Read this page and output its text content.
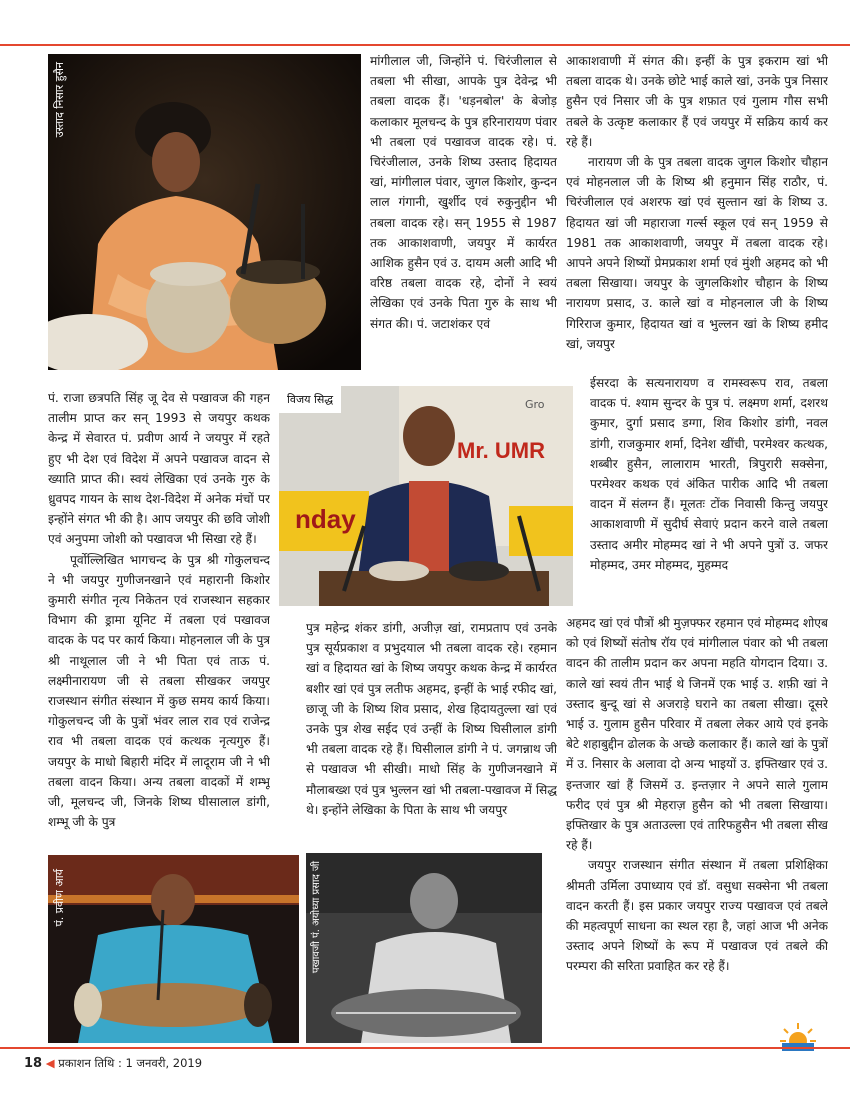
उस्ताद निसार हुसैन

मांगीलाल जी, जिन्होंने पं. चिरंजीलाल से तबला भी सीखा, आपके पुत्र देवेन्द्र भी तबला वादक हैं। 'धड़नबोल' के बेजोड़ कलाकार मूलचन्द के पुत्र हरिनारायण पंवार भी तबला एवं पखावज वादक रहे। पं. चिरंजीलाल, उनके शिष्य उस्ताद हिदायत खां, मांगीलाल पंवार, जुगल किशोर, कुन्दन लाल गंगानी, खुर्शीद एवं रुकुनुद्दीन भी तबला वादक रहे। सन् 1955 से 1987 तक आकाशवाणी, जयपुर में कार्यरत आशिक हुसैन एवं उ. दायम अली आदि भी वरिष्ठ तबला वादक रहे, दोनों ने स्वयं लेखिका एवं उनके पिता गुरु के साथ भी संगत की। पं. जटाशंकर एवं

आकाशवाणी में संगत की। इन्हीं के पुत्र इकराम खां भी तबला वादक थे। उनके छोटे भाई काले खां, उनके पुत्र निसार हुसैन एवं निसार जी के पुत्र शफ़ात एवं गुलाम गौस सभी तबले के उत्कृष्ट कलाकार हैं एवं जयपुर में सक्रिय कार्य कर रहे हैं।

नारायण जी के पुत्र तबला वादक जुगल किशोर चौहान एवं मोहनलाल जी के शिष्य श्री हनुमान सिंह राठौर, पं. चिरंजीलाल एवं अशरफ खां एवं सुल्तान खां के शिष्य उ. हिदायत खां जी महाराजा गर्ल्स स्कूल एवं सन् 1959 से 1981 तक आकाशवाणी, जयपुर में तबला वादक रहे। आपने अपने शिष्यों प्रेमप्रकाश शर्मा एवं मुंशी अहमद को भी तबला सिखाया। जयपुर के जुगलकिशोर चौहान के शिष्य नारायण प्रसाद, उ. काले खां व मोहनलाल जी के शिष्य गिरिराज कुमार, हिदायत खां व भुल्लन खां के शिष्य हमीद खां, जयपुर

Gro
Mr. UMR
nday
विजय सिद्ध

ईसरदा के सत्यनारायण व रामस्वरूप राव, तबला वादक पं. श्याम सुन्दर के पुत्र पं. लक्ष्मण शर्मा, दशरथ कुमार, दुर्गा प्रसाद डग्गा, शिव किशोर डांगी, नवल डांगी, राजकुमार शर्मा, दिनेश खींची, परमेश्वर कत्थक, शब्बीर हुसैन, लालाराम भारती, त्रिपुरारी सक्सेना, परमेश्वर कथक एवं अंकित पारीक आदि भी तबला वादन में संलग्न हैं। मूलतः टोंक निवासी किन्तु जयपुर आकाशवाणी में सुदीर्घ सेवाएं प्रदान करने वाले तबला उस्ताद अमीर मोहम्मद खां ने भी अपने पुत्रों उ. जफर मोहम्मद, उमर मोहम्मद, मुहम्मद

पं. राजा छत्रपति सिंह जू देव से पखावज की गहन तालीम प्राप्त कर सन् 1993 से जयपुर कथक केन्द्र में सेवारत पं. प्रवीण आर्य ने जयपुर में रहते हुए भी देश एवं विदेश में अपने पखावज वादन से ख्याति प्राप्त की। स्वयं लेखिका एवं उनके गुरु के ध्रुवपद गायन के साथ देश-विदेश में अनेक मंचों पर इन्होंने संगत भी की है। आप जयपुर की छवि जोशी एवं अनुपमा जोशी को पखावज भी सिखा रहे हैं।

पूर्वोल्लिखित भागचन्द के पुत्र श्री गोकुलचन्द ने भी जयपुर गुणीजनखाने एवं महारानी किशोर कुमारी संगीत नृत्य निकेतन एवं राजस्थान सहकार विभाग की ड्रामा यूनिट में तबला एवं पखावज वादक के पद पर कार्य किया। मोहनलाल जी के पुत्र श्री नाथूलाल जी ने भी पिता एवं ताऊ पं. लक्ष्मीनारायण जी से तबला सीखकर जयपुर राजस्थान संगीत संस्थान में कुछ समय कार्य किया। गोकुलचन्द जी के पुत्रों भंवर लाल राव एवं राजेन्द्र राव भी तबला वादक एवं कत्थक नृत्यगुरु हैं। जयपुर के माधो बिहारी मंदिर में लादूराम जी ने भी तबला वादन किया। अन्य तबला वादकों में शम्भू जी, मूलचन्द जी, जिनके शिष्य घीसालाल डांगी, शम्भू जी के पुत्र

पुत्र महेन्द्र शंकर डांगी, अजीज़ खां, रामप्रताप एवं उनके पुत्र सूर्यप्रकाश व प्रभुदयाल भी तबला वादक रहे। रहमान खां व हिदायत खां के शिष्य जयपुर कथक केन्द्र में कार्यरत बशीर खां एवं पुत्र लतीफ अहमद, इन्हीं के भाई रफीद खां, छाजू जी के शिष्य शिव प्रसाद, शेख हिदायतुल्ला खां एवं उनके पुत्र शेख सईद एवं उन्हीं के शिष्य घिसीलाल डांगी भी तबला वादक रहे हैं। घिसीलाल डांगी ने पं. जगन्नाथ जी से पखावज भी सीखी। माधो सिंह के गुणीजनखाने में मौलाबख्श एवं पुत्र भुल्लन खां भी तबला-पखावज में सिद्ध थे। इन्होंने लेखिका के पिता के साथ भी जयपुर

अहमद खां एवं पौत्रों श्री मुज़फ्फर रहमान एवं मोहम्मद शोएब को एवं शिष्यों संतोष रॉय एवं मांगीलाल पंवार को भी तबला वादन की तालीम प्रदान कर अपना महति योगदान दिया। उ. काले खां स्वयं तीन भाई थे जिनमें एक भाई उ. शफ़ी खां ने उस्ताद बुन्दू खां से अजराड़े घराने का तबला सीखा। दूसरे भाई उ. गुलाम हुसैन परिवार में तबला लेकर आये एवं इनके बेटे शहाबुद्दीन ढोलक के अच्छे कलाकार हैं। काले खां के पुत्रों में उ. निसार के अलावा दो अन्य भाइयों उ. इफ्तिखार एवं उ. इन्तजार खां हैं जिसमें उ. इन्तज़ार ने अपने साले गुलाम फरीद एवं पुत्र श्री मेहराज़ हुसैन को भी तबला सिखाया। इफ्तिखार के पुत्र अताउल्ला एवं तारिफहुसैन भी तबला सीख रहे हैं।

जयपुर राजस्थान संगीत संस्थान में तबला प्रशिक्षिका श्रीमती उर्मिला उपाध्याय एवं डॉ. वसुधा सक्सेना भी तबला वादन करती हैं। इस प्रकार जयपुर राज्य पखावज एवं तबले की महत्वपूर्ण साधना का स्थल रहा है, जहां आज भी अनेक उस्ताद अपने शिष्यों के रूप में पखावज एवं तबले की परम्परा की सरिता प्रवाहित कर रहे हैं।

पं. प्रवीण आर्य	पखावजी पं. अयोध्या प्रसाद जी
18 ◀ प्रकाशन तिथि : 1 जनवरी, 2019
